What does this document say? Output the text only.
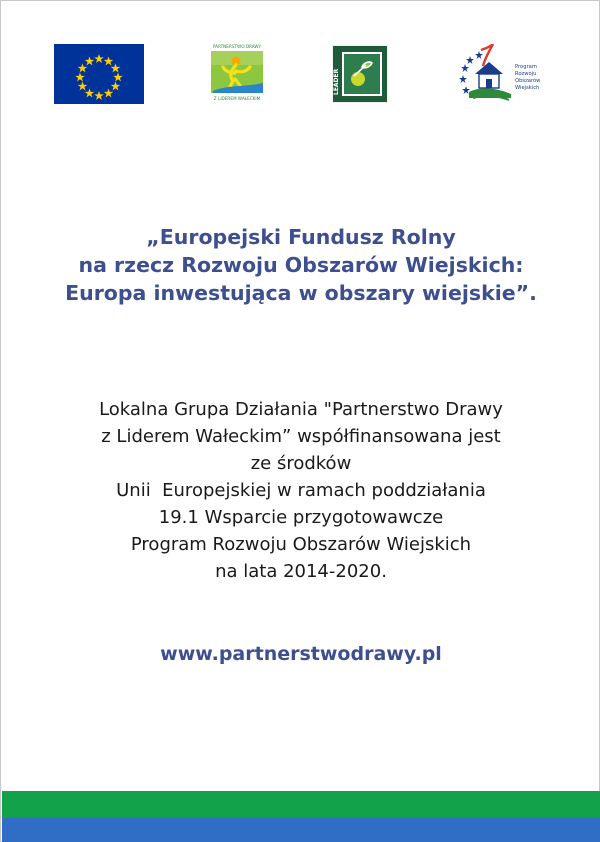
PARTNERSTWO DRAWY
Z LIDEREM WAŁECKIM
LEADER
Program
Rozwoju
Obszarów
Wiejskich
„Europejski Fundusz Rolny
na rzecz Rozwoju Obszarów Wiejskich:
Europa inwestująca w obszary wiejskie”.

Lokalna Grupa Działania "Partnerstwo Drawy
z Liderem Wałeckim” współfinansowana jest
ze środków
Unii  Europejskiej w ramach poddziałania
19.1 Wsparcie przygotowawcze
Program Rozwoju Obszarów Wiejskich
na lata 2014-2020.

www.partnerstwodrawy.pl
